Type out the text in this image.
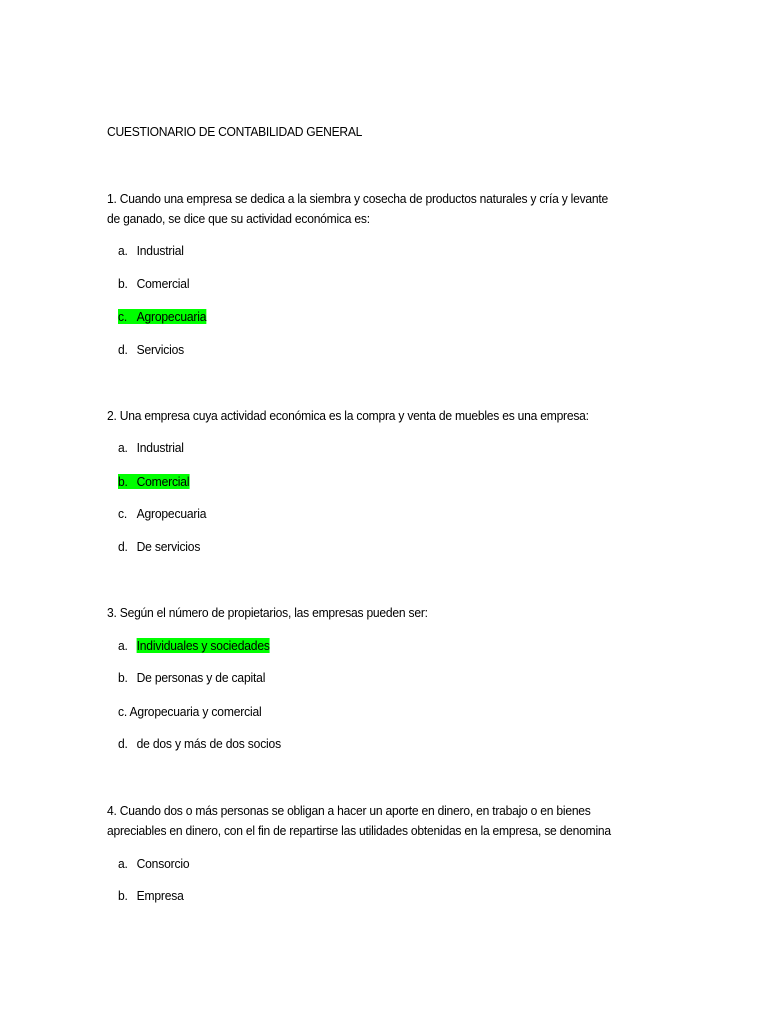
CUESTIONARIO DE CONTABILIDAD GENERAL
1. Cuando una empresa se dedica a la siembra y cosecha de productos naturales y cría y levante
de ganado, se dice que su actividad económica es:
a. Industrial
b. Comercial
c. Agropecuaria
d. Servicios
2. Una empresa cuya actividad económica es la compra y venta de muebles es una empresa:
a. Industrial
b. Comercial
c. Agropecuaria
d. De servicios
3. Según el número de propietarios, las empresas pueden ser:
a. Individuales y sociedades
b. De personas y de capital
c. Agropecuaria y comercial
d. de dos y más de dos socios
4. Cuando dos o más personas se obligan a hacer un aporte en dinero, en trabajo o en bienes
apreciables en dinero, con el fin de repartirse las utilidades obtenidas en la empresa, se denomina
a. Consorcio
b. Empresa
